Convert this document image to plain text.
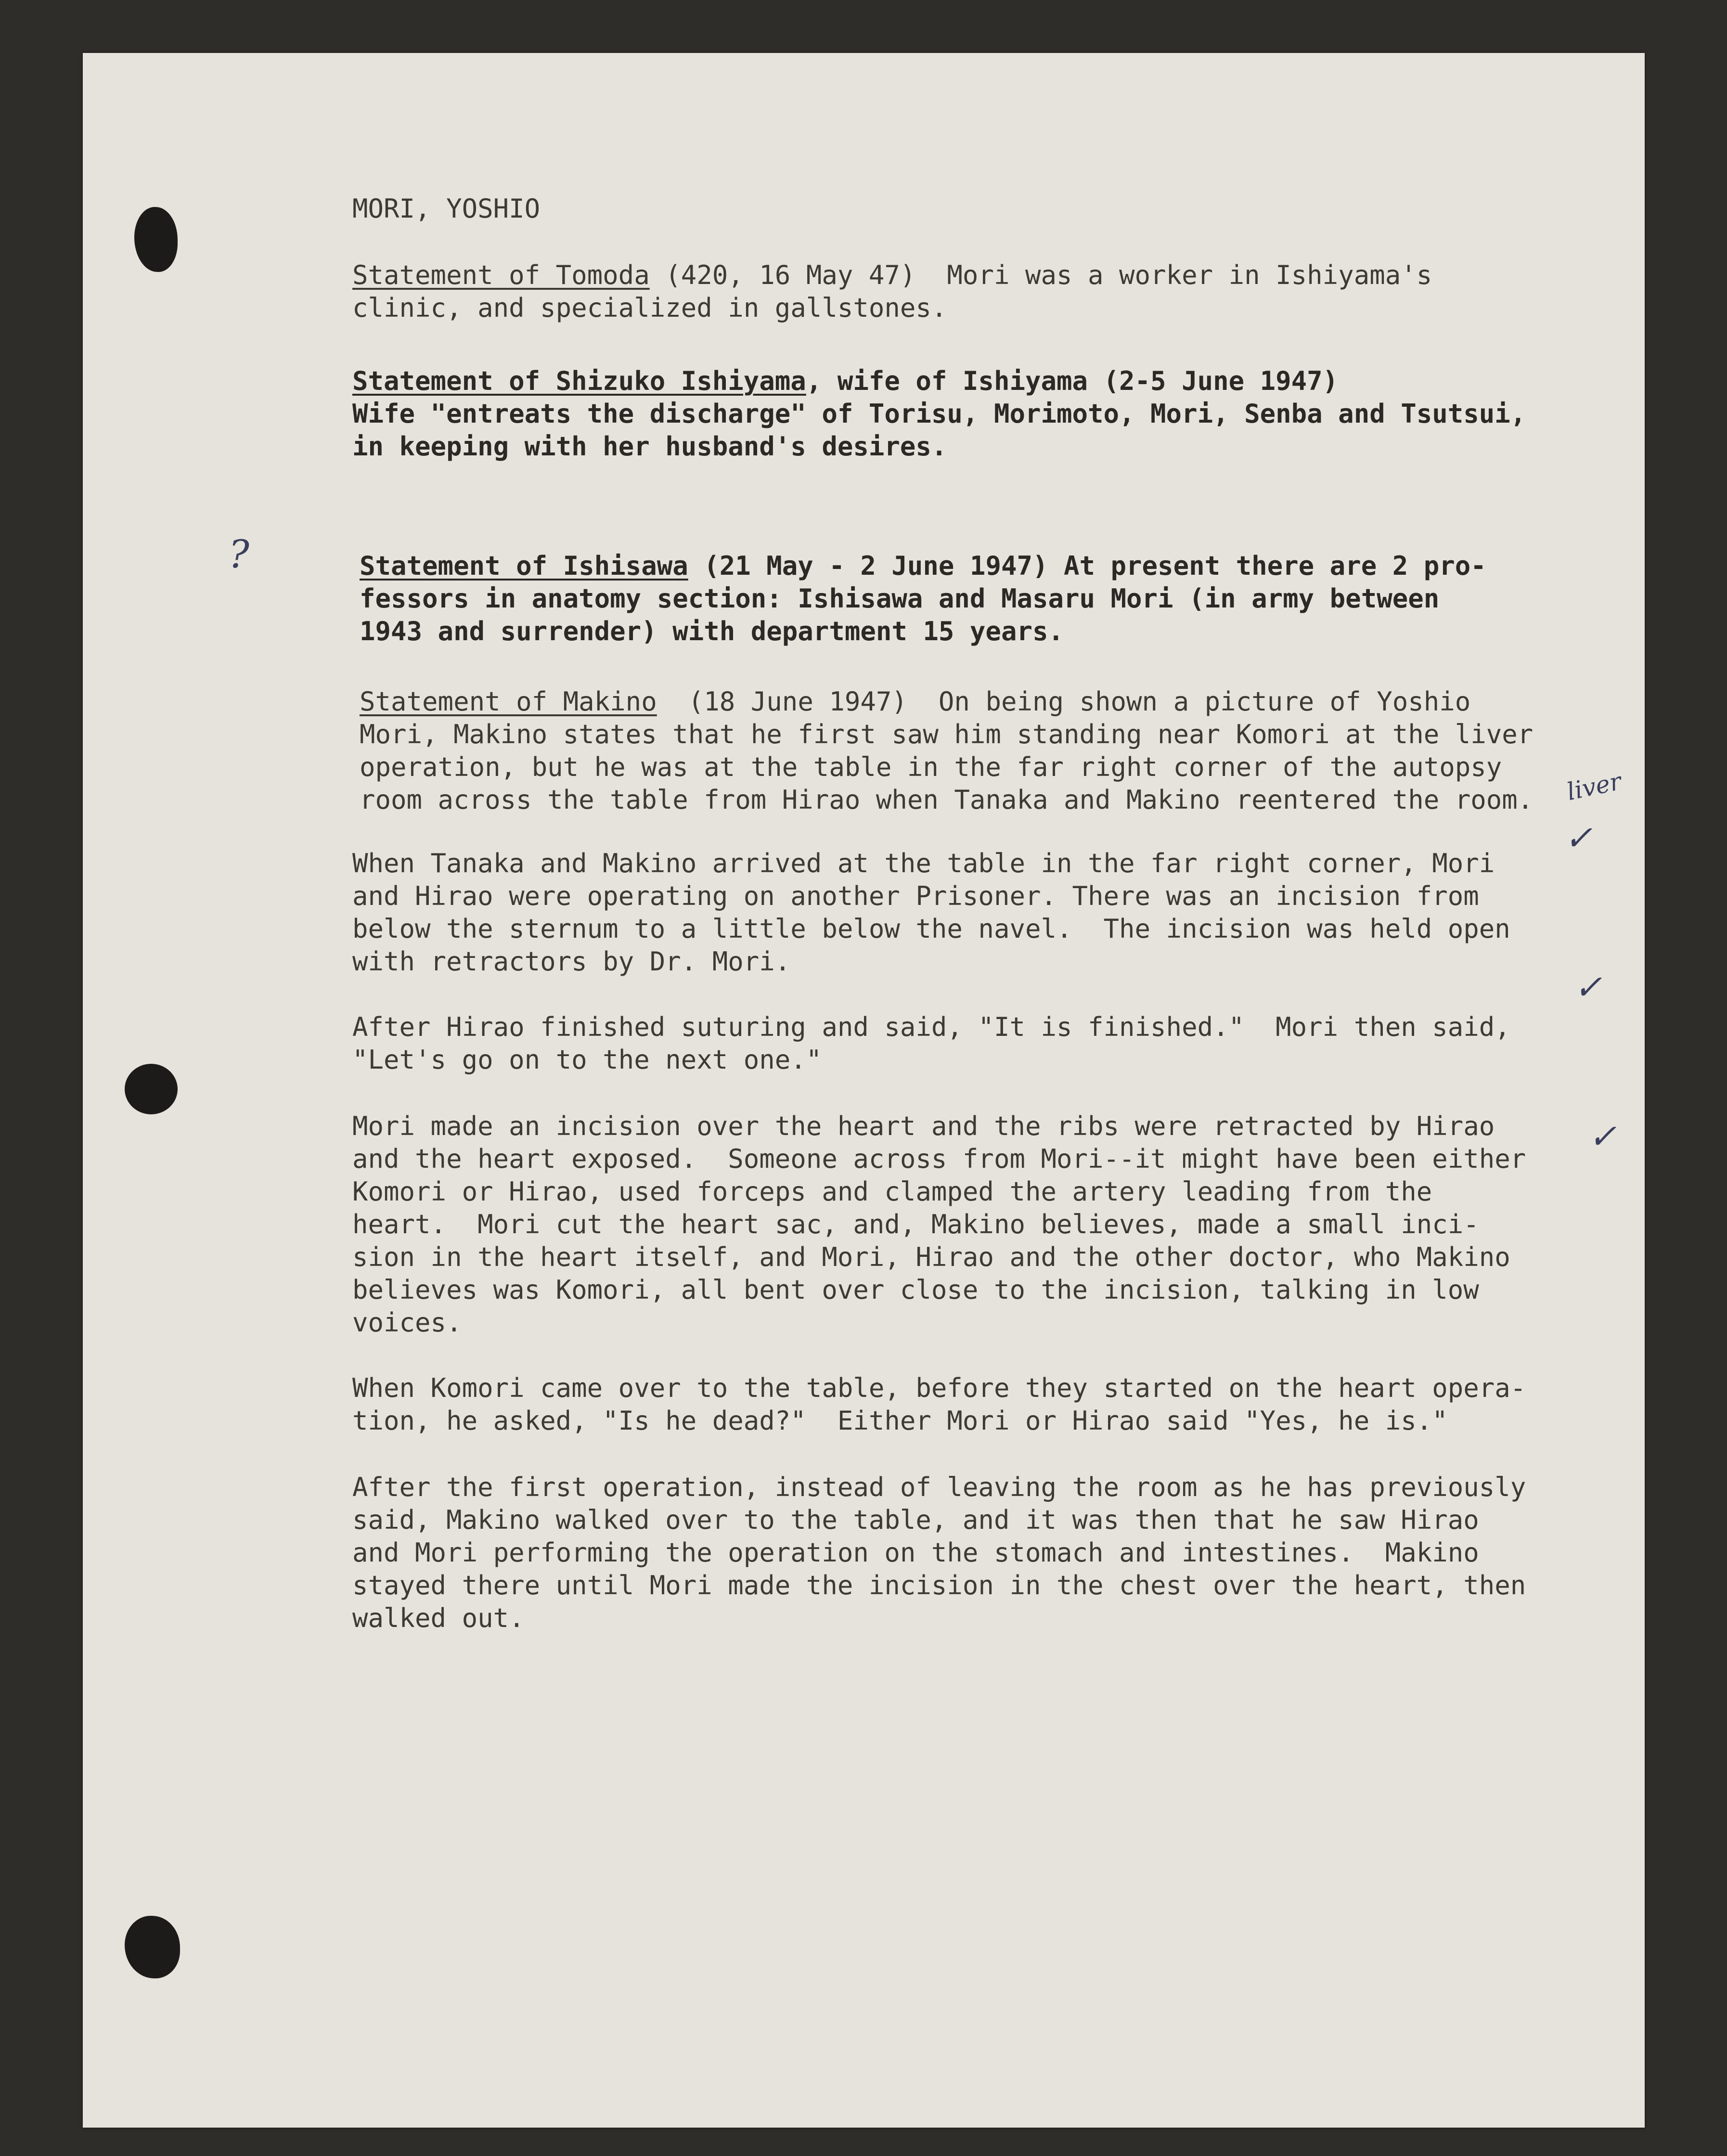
MORI, YOSHIO
Statement of Tomoda (420, 16 May 47)  Mori was a worker in Ishiyama's
clinic, and specialized in gallstones.
Statement of Shizuko Ishiyama, wife of Ishiyama (2-5 June 1947)
Wife "entreats the discharge" of Torisu, Morimoto, Mori, Senba and Tsutsui,
in keeping with her husband's desires.
Statement of Ishisawa (21 May - 2 June 1947) At present there are 2 pro-
fessors in anatomy section: Ishisawa and Masaru Mori (in army between
1943 and surrender) with department 15 years.
Statement of Makino  (18 June 1947)  On being shown a picture of Yoshio
Mori, Makino states that he first saw him standing near Komori at the liver
operation, but he was at the table in the far right corner of the autopsy
room across the table from Hirao when Tanaka and Makino reentered the room.
When Tanaka and Makino arrived at the table in the far right corner, Mori
and Hirao were operating on another Prisoner. There was an incision from
below the sternum to a little below the navel.  The incision was held open
with retractors by Dr. Mori.
After Hirao finished suturing and said, "It is finished."  Mori then said,
"Let's go on to the next one."
Mori made an incision over the heart and the ribs were retracted by Hirao
and the heart exposed.  Someone across from Mori--it might have been either
Komori or Hirao, used forceps and clamped the artery leading from the
heart.  Mori cut the heart sac, and, Makino believes, made a small inci-
sion in the heart itself, and Mori, Hirao and the other doctor, who Makino
believes was Komori, all bent over close to the incision, talking in low
voices.
When Komori came over to the table, before they started on the heart opera-
tion, he asked, "Is he dead?"  Either Mori or Hirao said "Yes, he is."
After the first operation, instead of leaving the room as he has previously
said, Makino walked over to the table, and it was then that he saw Hirao
and Mori performing the operation on the stomach and intestines.  Makino
stayed there until Mori made the incision in the chest over the heart, then
walked out.
?
liver
✓
✓
✓
